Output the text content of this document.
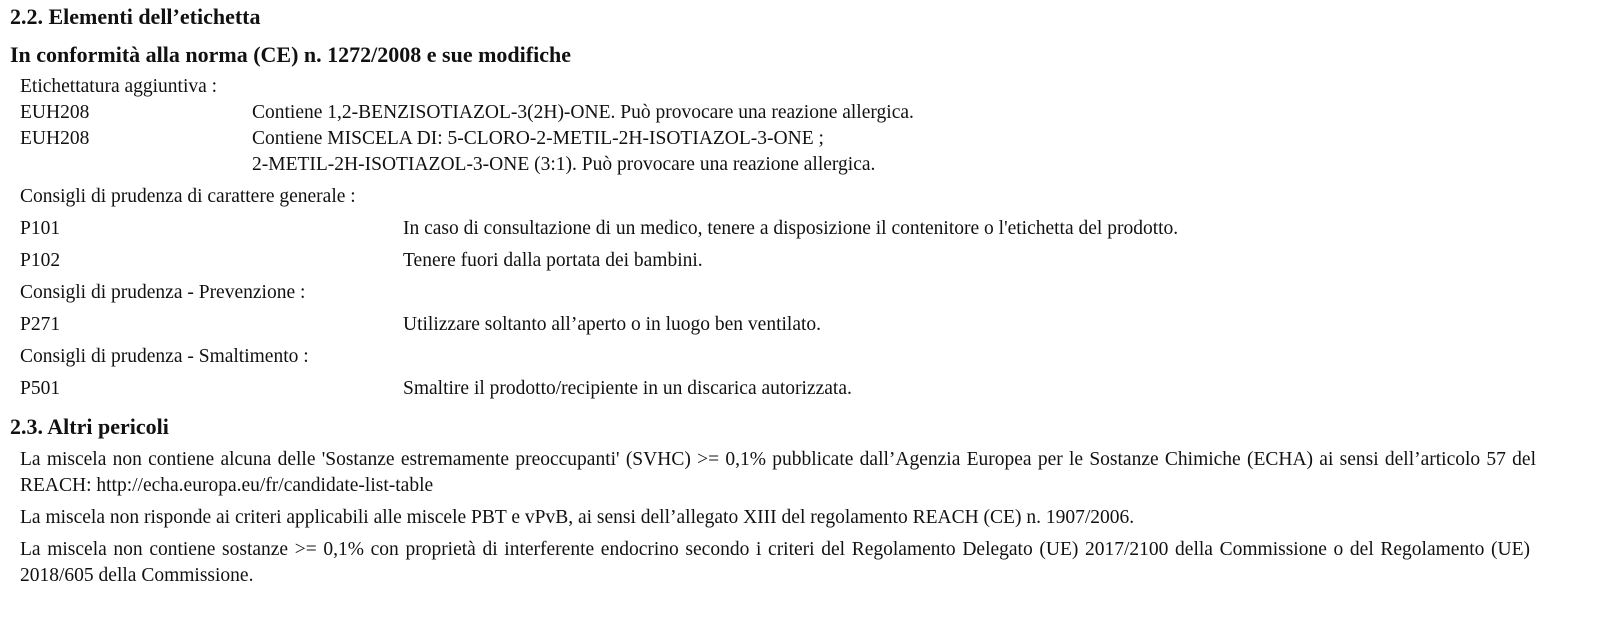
2.2. Elementi dell’etichetta
In conformità alla norma (CE) n. 1272/2008 e sue modifiche
Etichettatura aggiuntiva :
EUH208	Contiene 1,2-BENZISOTIAZOL-3(2H)-ONE. Può provocare una reazione allergica.
EUH208	Contiene MISCELA DI: 5-CLORO-2-METIL-2H-ISOTIAZOL-3-ONE ;
2-METIL-2H-ISOTIAZOL-3-ONE (3:1). Può provocare una reazione allergica.
Consigli di prudenza di carattere generale :
P101	In caso di consultazione di un medico, tenere a disposizione il contenitore o l'etichetta del prodotto.
P102	Tenere fuori dalla portata dei bambini.
Consigli di prudenza - Prevenzione :
P271	Utilizzare soltanto all’aperto o in luogo ben ventilato.
Consigli di prudenza - Smaltimento :
P501	Smaltire il prodotto/recipiente in un discarica autorizzata.
2.3. Altri pericoli
La miscela non contiene alcuna delle 'Sostanze estremamente preoccupanti' (SVHC) >= 0,1% pubblicate dall’Agenzia Europea per le Sostanze Chimiche (ECHA) ai sensi dell’articolo 57 del REACH: http://echa.europa.eu/fr/candidate-list-table
La miscela non risponde ai criteri applicabili alle miscele PBT e vPvB, ai sensi dell’allegato XIII del regolamento REACH (CE) n. 1907/2006.
La miscela non contiene sostanze >= 0,1% con proprietà di interferente endocrino secondo i criteri del Regolamento Delegato (UE) 2017/2100 della Commissione o del Regolamento (UE) 2018/605 della Commissione.
